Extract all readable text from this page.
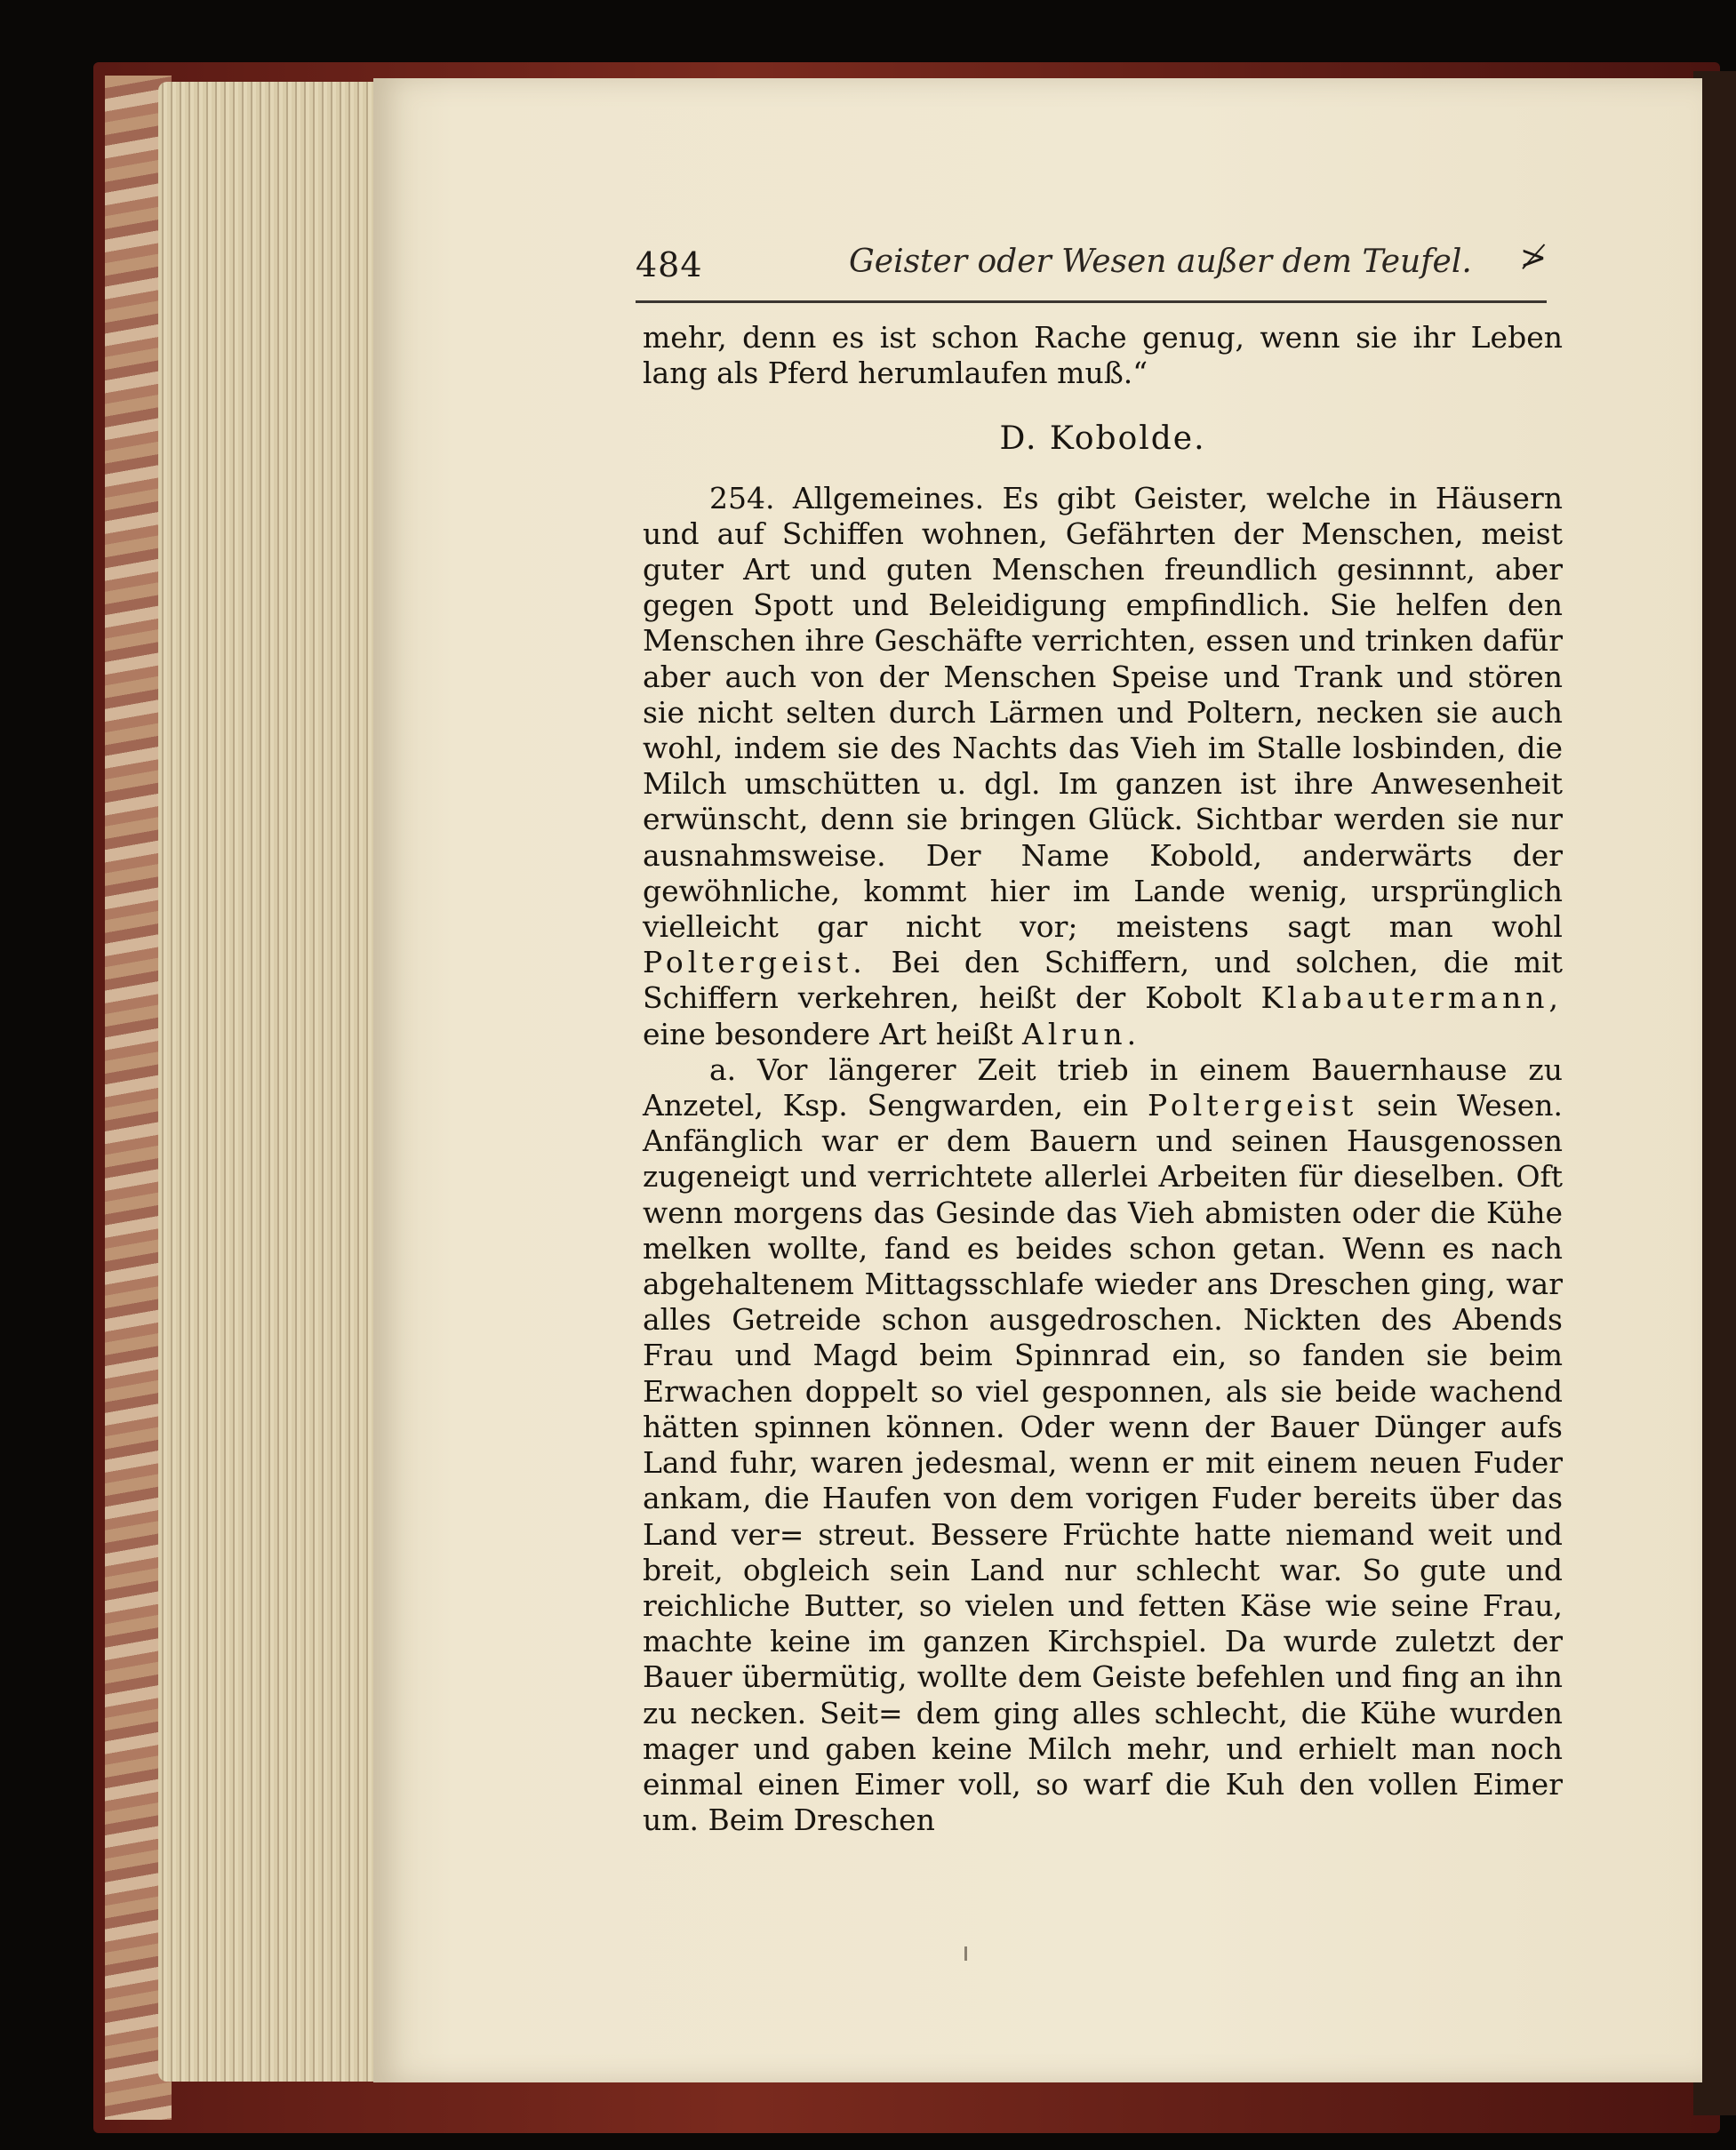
484	Geister oder Wesen außer dem Teufel. ≯

mehr, denn es ist schon Rache genug, wenn sie ihr Leben lang als Pferd herumlaufen muß.“

D. Kobolde.

254. Allgemeines. Es gibt Geister, welche in Häusern und auf Schiffen wohnen, Gefährten der Menschen, meist guter Art und guten Menschen freundlich gesinnnt, aber gegen Spott und Beleidigung empfindlich. Sie helfen den Menschen ihre Geschäfte verrichten, essen und trinken dafür aber auch von der Menschen Speise und Trank und stören sie nicht selten durch Lärmen und Poltern, necken sie auch wohl, indem sie des Nachts das Vieh im Stalle losbinden, die Milch umschütten u. dgl. Im ganzen ist ihre Anwesenheit erwünscht, denn sie bringen Glück. Sichtbar werden sie nur ausnahmsweise. Der Name Kobold, anderwärts der gewöhnliche, kommt hier im Lande wenig, ursprünglich vielleicht gar nicht vor; meistens sagt man wohl Poltergeist. Bei den Schiffern, und solchen, die mit Schiffern verkehren, heißt der Kobolt Klabautermann, eine besondere Art heißt Alrun.

a. Vor längerer Zeit trieb in einem Bauernhause zu Anzetel, Ksp. Sengwarden, ein Poltergeist sein Wesen. Anfänglich war er dem Bauern und seinen Hausgenossen zugeneigt und verrichtete allerlei Arbeiten für dieselben. Oft wenn morgens das Gesinde das Vieh abmisten oder die Kühe melken wollte, fand es beides schon getan. Wenn es nach abgehaltenem Mittagsschlafe wieder ans Dreschen ging, war alles Getreide schon ausgedroschen. Nickten des Abends Frau und Magd beim Spinnrad ein, so fanden sie beim Erwachen doppelt so viel gesponnen, als sie beide wachend hätten spinnen können. Oder wenn der Bauer Dünger aufs Land fuhr, waren jedesmal, wenn er mit einem neuen Fuder ankam, die Haufen von dem vorigen Fuder bereits über das Land ver= streut. Bessere Früchte hatte niemand weit und breit, obgleich sein Land nur schlecht war. So gute und reichliche Butter, so vielen und fetten Käse wie seine Frau, machte keine im ganzen Kirchspiel. Da wurde zuletzt der Bauer übermütig, wollte dem Geiste befehlen und fing an ihn zu necken. Seit= dem ging alles schlecht, die Kühe wurden mager und gaben keine Milch mehr, und erhielt man noch einmal einen Eimer voll, so warf die Kuh den vollen Eimer um. Beim Dreschen
